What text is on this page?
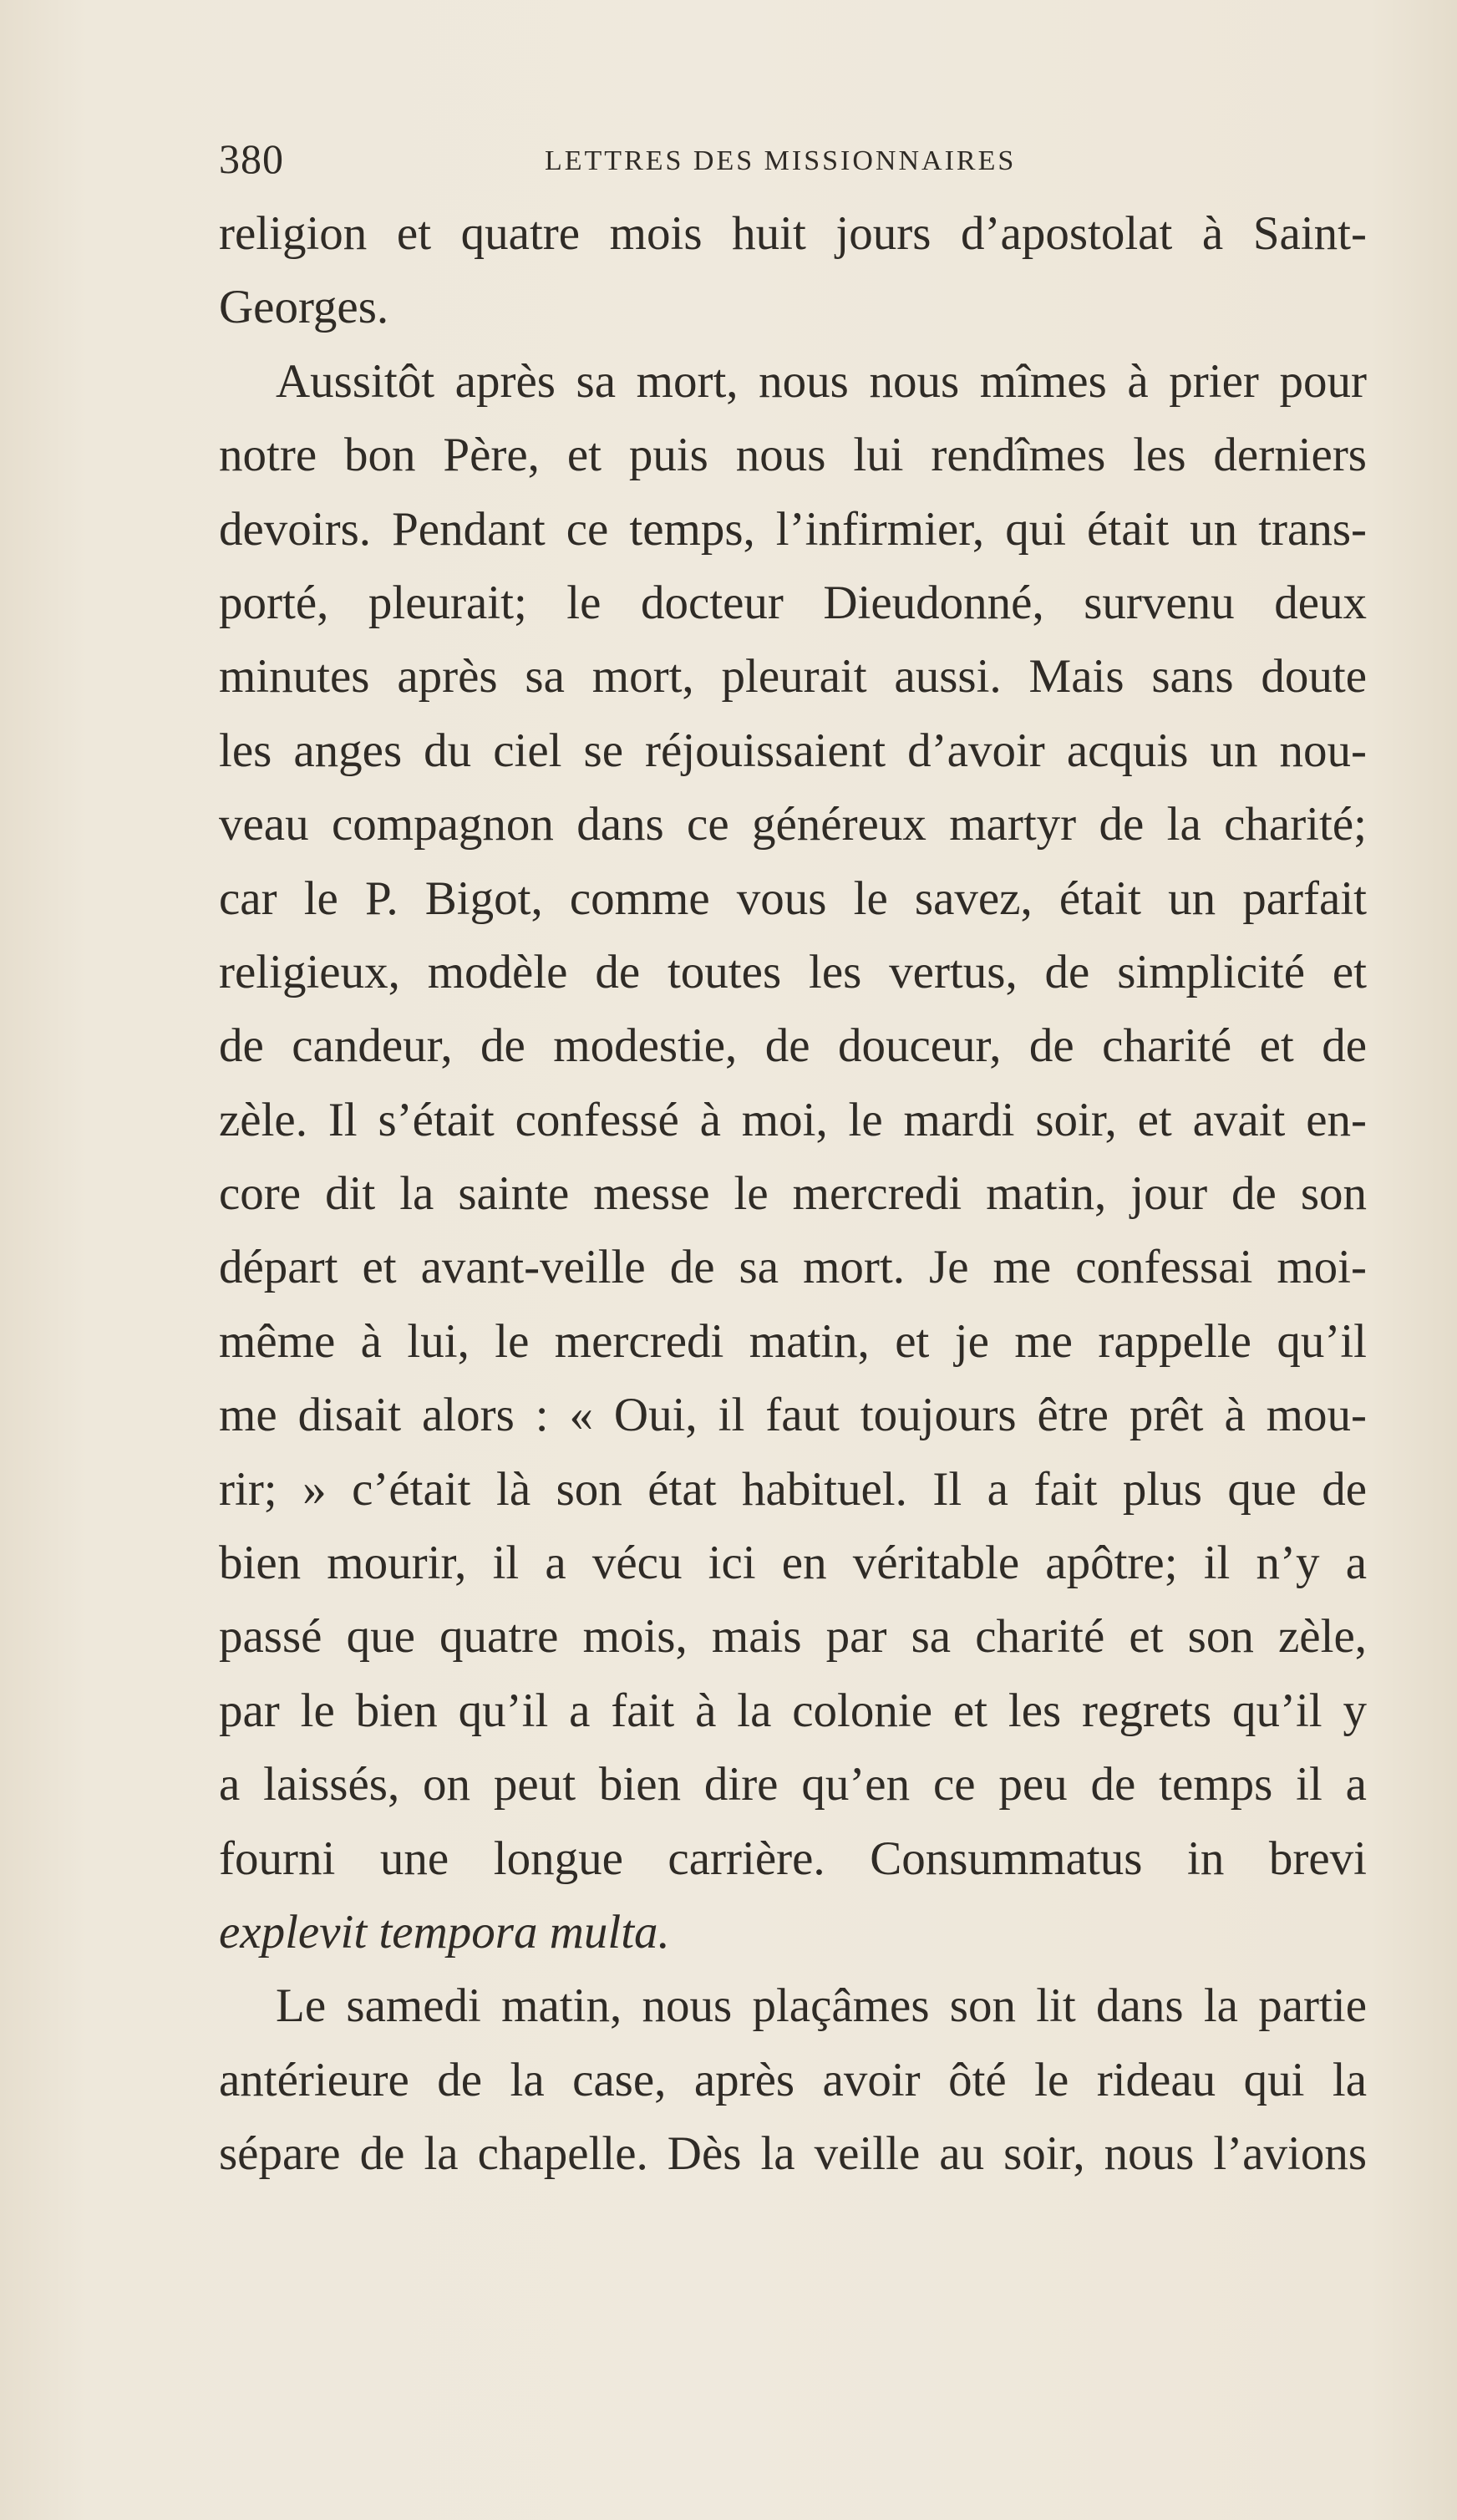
380	LETTRES DES MISSIONNAIRES
religion et quatre mois huit jours d’apostolat à Saint-
Georges.
Aussitôt après sa mort, nous nous mîmes à prier pour
notre bon Père, et puis nous lui rendîmes les derniers
devoirs. Pendant ce temps, l’infirmier, qui était un trans-
porté, pleurait; le docteur Dieudonné, survenu deux
minutes après sa mort, pleurait aussi. Mais sans doute
les anges du ciel se réjouissaient d’avoir acquis un nou-
veau compagnon dans ce généreux martyr de la charité;
car le P. Bigot, comme vous le savez, était un parfait
religieux, modèle de toutes les vertus, de simplicité et
de candeur, de modestie, de douceur, de charité et de
zèle. Il s’était confessé à moi, le mardi soir, et avait en-
core dit la sainte messe le mercredi matin, jour de son
départ et avant-veille de sa mort. Je me confessai moi-
même à lui, le mercredi matin, et je me rappelle qu’il
me disait alors : « Oui, il faut toujours être prêt à mou-
rir; » c’était là son état habituel. Il a fait plus que de
bien mourir, il a vécu ici en véritable apôtre; il n’y a
passé que quatre mois, mais par sa charité et son zèle,
par le bien qu’il a fait à la colonie et les regrets qu’il y
a laissés, on peut bien dire qu’en ce peu de temps il a
fourni une longue carrière. Consummatus in brevi
explevit tempora multa.
Le samedi matin, nous plaçâmes son lit dans la partie
antérieure de la case, après avoir ôté le rideau qui la
sépare de la chapelle. Dès la veille au soir, nous l’avions
